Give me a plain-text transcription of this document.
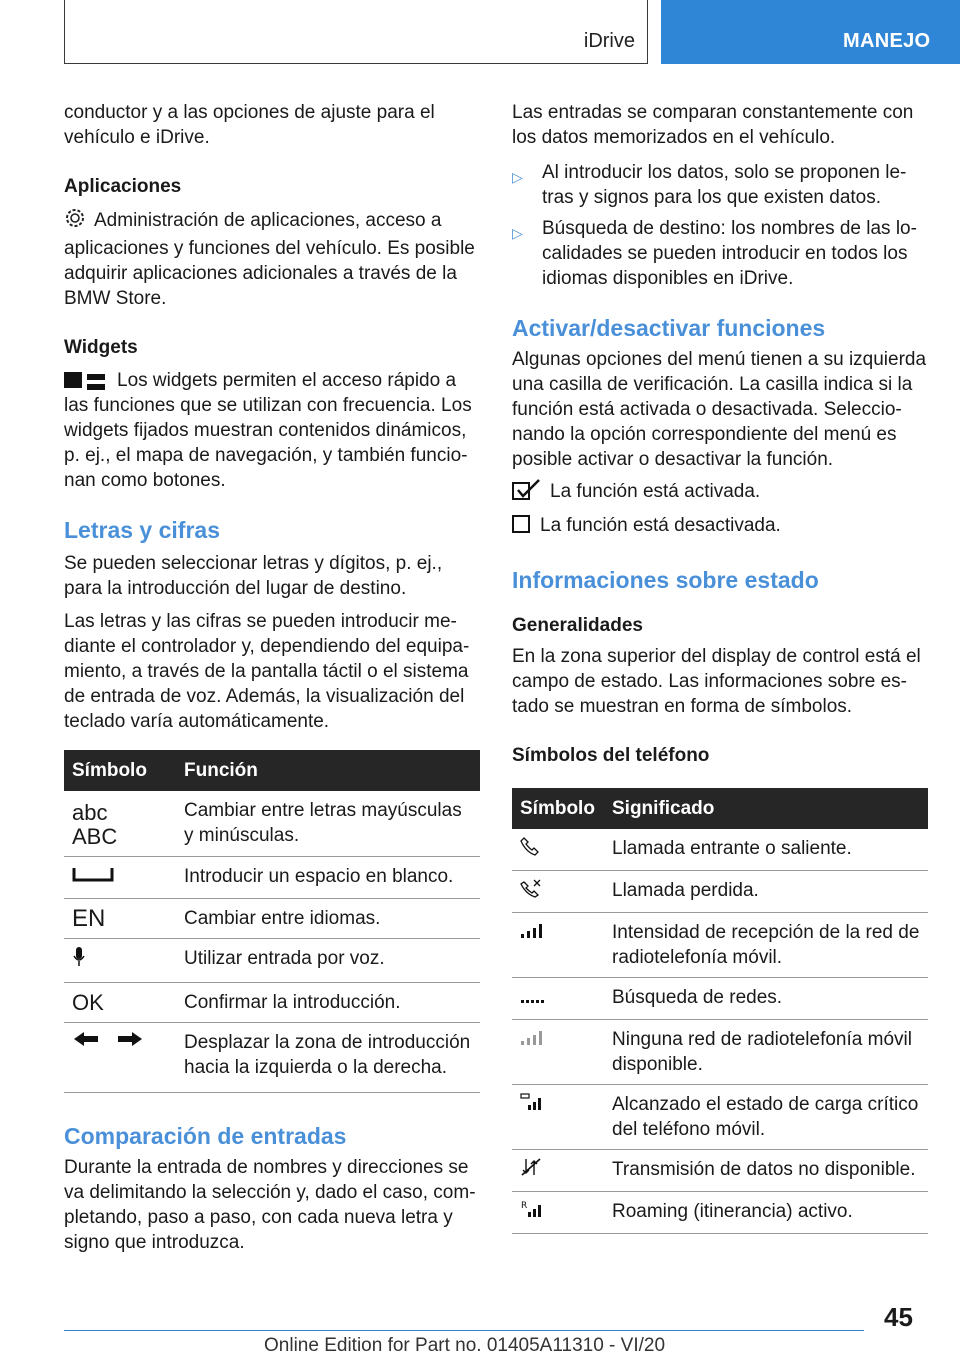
iDrive	MANEJO

conductor y a las opciones de ajuste para el vehículo e iDrive.

Aplicaciones

Administración de aplicaciones, acceso a aplicaciones y funciones del vehículo. Es posible adquirir aplicaciones adicionales a través de la BMW Store.

Widgets

Los widgets permiten el acceso rápido a las funciones que se utilizan con frecuencia. Los widgets fijados muestran contenidos dinámicos, p. ej., el mapa de navegación, y también funcionan como botones.

Letras y cifras

Se pueden seleccionar letras y dígitos, p. ej., para la introducción del lugar de destino.

Las letras y las cifras se pueden introducir mediante el controlador y, dependiendo del equipamiento, a través de la pantalla táctil o el sistema de entrada de voz. Además, la visualización del teclado varía automáticamente.

Símbolo	Función
abc
ABC	Cambiar entre letras mayúsculas y minúsculas.
	Introducir un espacio en blanco.
EN	Cambiar entre idiomas.
	Utilizar entrada por voz.
OK	Confirmar la introducción.
	Desplazar la zona de introducción hacia la izquierda o la derecha.

Comparación de entradas

Durante la entrada de nombres y direcciones se va delimitando la selección y, dado el caso, completando, paso a paso, con cada nueva letra y signo que introduzca.

Las entradas se comparan constantemente con los datos memorizados en el vehículo.

▷ Al introducir los datos, solo se proponen letras y signos para los que existen datos.

▷ Búsqueda de destino: los nombres de las localidades se pueden introducir en todos los idiomas disponibles en iDrive.

Activar/desactivar funciones

Algunas opciones del menú tienen a su izquierda una casilla de verificación. La casilla indica si la función está activada o desactivada. Seleccionando la opción correspondiente del menú es posible activar o desactivar la función.

La función está activada.

La función está desactivada.

Informaciones sobre estado

Generalidades

En la zona superior del display de control está el campo de estado. Las informaciones sobre estado se muestran en forma de símbolos.

Símbolos del teléfono

Símbolo	Significado
	Llamada entrante o saliente.
	Llamada perdida.
	Intensidad de recepción de la red de radiotelefonía móvil.
	Búsqueda de redes.
	Ninguna red de radiotelefonía móvil disponible.
	Alcanzado el estado de carga crítico del teléfono móvil.
	Transmisión de datos no disponible.

R	Roaming (itinerancia) activo.
45
Online Edition for Part no. 01405A11310 - VI/20
